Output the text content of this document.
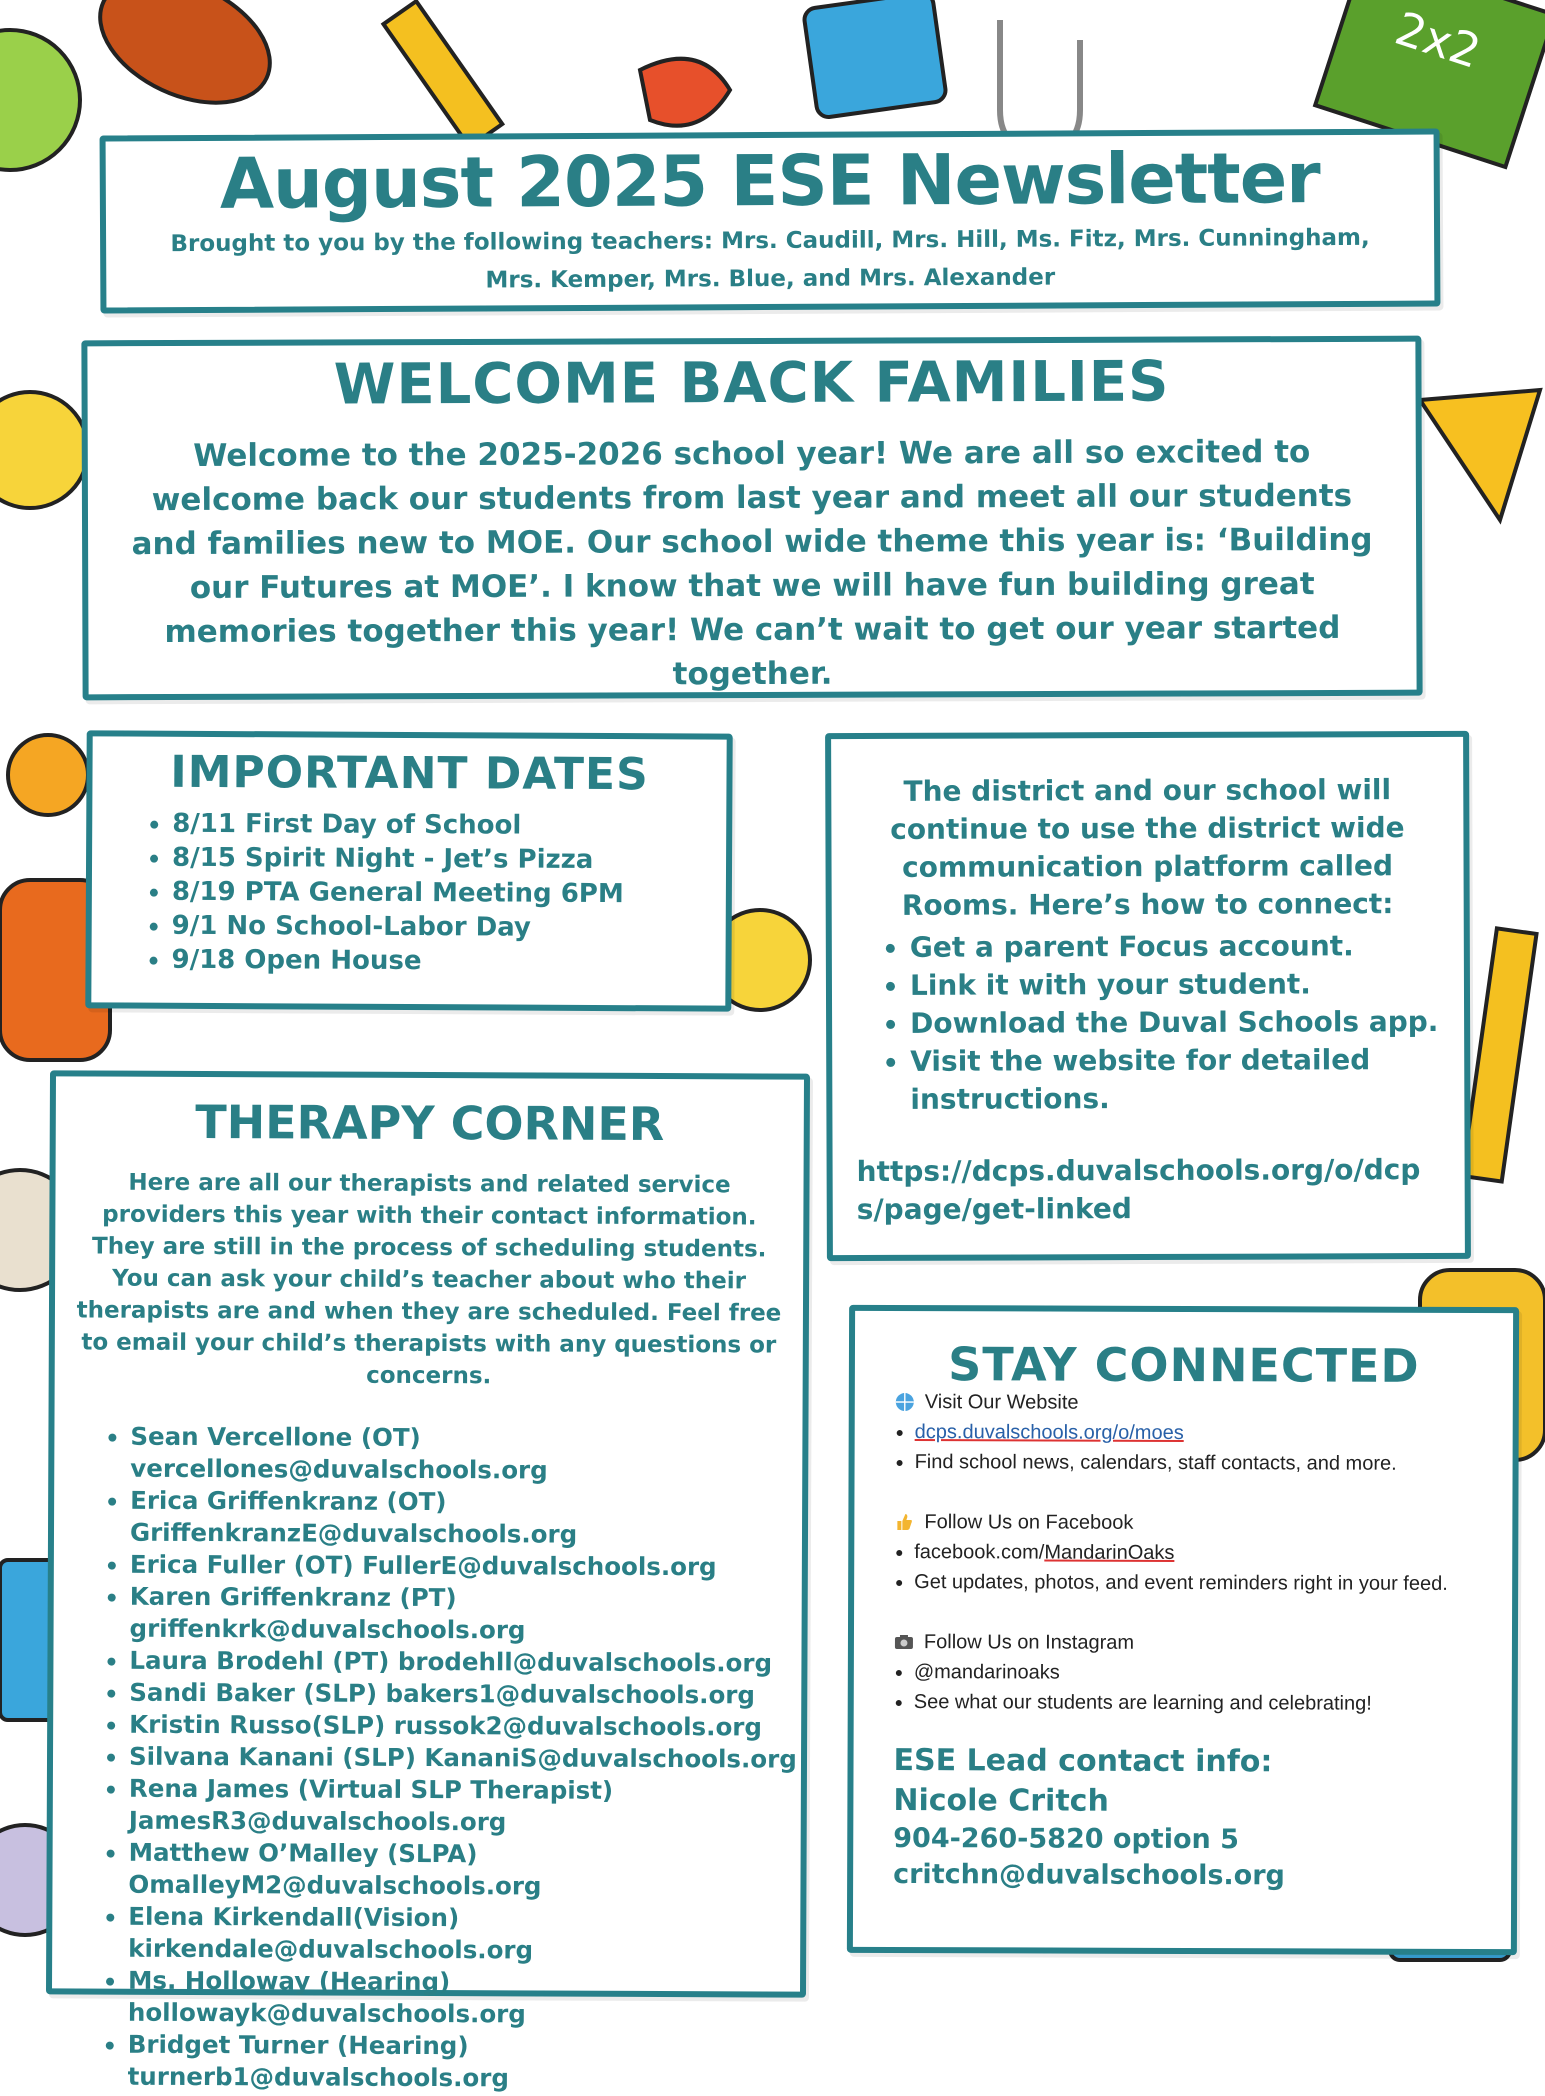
2x2
August 2025 ESE Newsletter
Brought to you by the following teachers: Mrs. Caudill, Mrs. Hill, Ms. Fitz, Mrs. Cunningham, Mrs. Kemper, Mrs. Blue, and Mrs. Alexander
WELCOME BACK FAMILIES
Welcome to the 2025-2026 school year! We are all so excited to welcome back our students from last year and meet all our students and families new to MOE. Our school wide theme this year is: ‘Building our Futures at MOE’. I know that we will have fun building great memories together this year! We can’t wait to get our year started together.
IMPORTANT DATES
• 8/11 First Day of School
• 8/15 Spirit Night - Jet’s Pizza
• 8/19 PTA General Meeting 6PM
• 9/1 No School-Labor Day
• 9/18 Open House
The district and our school will continue to use the district wide communication platform called Rooms. Here’s how to connect:
• Get a parent Focus account.
• Link it with your student.
• Download the Duval Schools app.
• Visit the website for detailed instructions.
https://dcps.duvalschools.org/o/dcps/page/get-linked
THERAPY CORNER
Here are all our therapists and related service providers this year with their contact information. They are still in the process of scheduling students. You can ask your child’s teacher about who their therapists are and when they are scheduled. Feel free to email your child’s therapists with any questions or concerns.
• Sean Vercellone (OT) vercellones@duvalschools.org
• Erica Griffenkranz (OT) GriffenkranzE@duvalschools.org
• Erica Fuller (OT) FullerE@duvalschools.org
• Karen Griffenkranz (PT) griffenkrk@duvalschools.org
• Laura Brodehl (PT) brodehll@duvalschools.org
• Sandi Baker (SLP) bakers1@duvalschools.org
• Kristin Russo(SLP) russok2@duvalschools.org
• Silvana Kanani (SLP) KananiS@duvalschools.org
• Rena James (Virtual SLP Therapist) JamesR3@duvalschools.org
• Matthew O’Malley (SLPA) OmalleyM2@duvalschools.org
• Elena Kirkendall(Vision) kirkendale@duvalschools.org
• Ms. Holloway (Hearing) hollowayk@duvalschools.org
• Bridget Turner (Hearing) turnerb1@duvalschools.org
STAY CONNECTED
Visit Our Website
• dcps.duvalschools.org/o/moes
• Find school news, calendars, staff contacts, and more.
Follow Us on Facebook
• facebook.com/MandarinOaks
• Get updates, photos, and event reminders right in your feed.
Follow Us on Instagram
• @mandarinoaks
• See what our students are learning and celebrating!
ESE Lead contact info:
Nicole Critch
904-260-5820 option 5
critchn@duvalschools.org
